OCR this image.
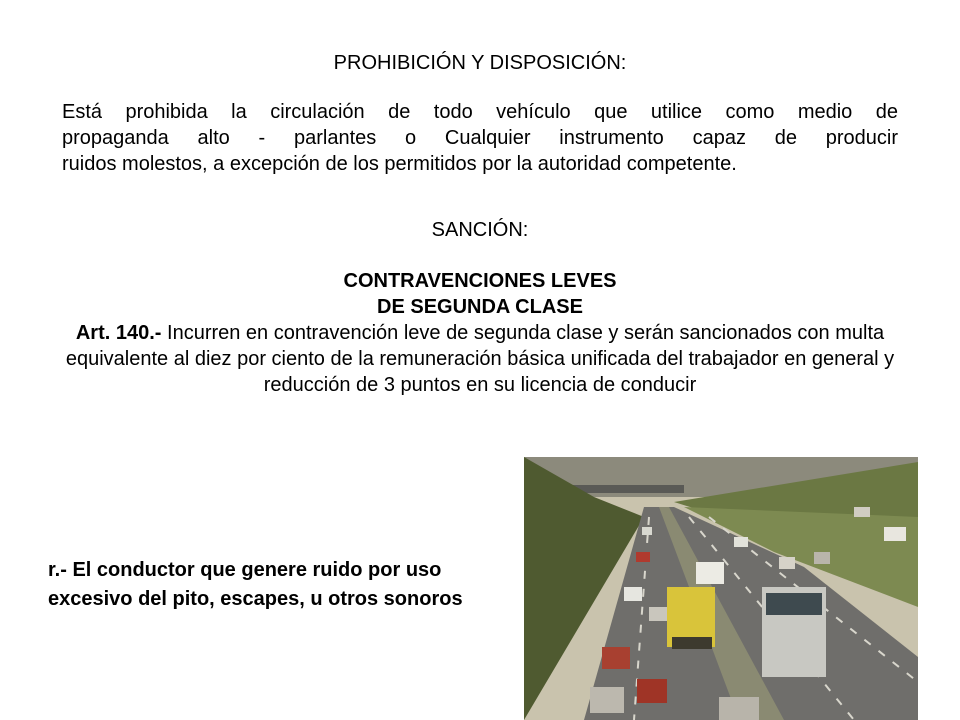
PROHIBICIÓN Y DISPOSICIÓN:
Está prohibida la circulación de todo vehículo que utilice como medio de
propaganda alto - parlantes o Cualquier instrumento capaz de producir
ruidos molestos, a excepción de los permitidos por la autoridad competente.
SANCIÓN:
CONTRAVENCIONES LEVES
DE SEGUNDA CLASE
Art. 140.- Incurren en contravención leve de segunda clase y serán sancionados con multa equivalente al diez por ciento de la remuneración básica unificada del trabajador en general y reducción de 3 puntos en su licencia de conducir
r.- El conductor que genere ruido por uso excesivo del pito, escapes, u otros sonoros
